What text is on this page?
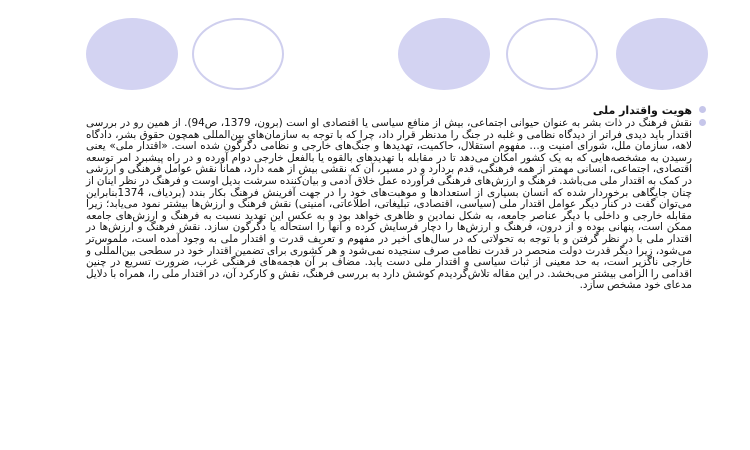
هویت واقتدار ملی

نقش فرهنگ در ذات بشر به عنوان حیوانی اجتماعی، بیش از منافع سیاسی یا اقتصادی او است (برون، 1379، ص94). از همین رو در بررسی اقتدار باید دیدی فراتر از دیدگاه نظامی و غلبه در جنگ را مدنظر قرار داد، چرا که با توجه به سازمان‌های بین‌المللی همچون حقوق بشر، دادگاه لاهه، سازمان ملل، شورای امنیت و… مفهوم استقلال، حاکمیت، تهدیدها و جنگ‌های خارجی و نظامی دگرگون شده است. «اقتدار ملی» یعنی رسیدن به مشخصه‌هایی که به یک کشور امکان می‌دهد تا در مقابله با تهدیدهای بالقوه یا بالفعل خارجی دوام آورده و در راه پیشبرد امر توسعه اقتصادی، اجتماعی، انسانی مهمتر از همه فرهنگی، قدم بردارد و در مسیر، آن که نقشی بیش از همه دارد، همانا نقش عوامل فرهنگی و ارزشی در کمک به اقتدار ملی می‌باشد. فرهنگ و ارزش‌های فرهنگی فرآورده عمل خلاق آدمی و بیان‌کننده سرشت بدیل اوست و فرهنگ در نظر اینان از چنان جایگاهی برخوردار شده که انسان بسیاری از استعدادها و موهبت‌های خود را در جهت آفرینش فرهنگ بکار بندد (بردیاف، 1374بنابراین می‌توان گفت در کنار دیگر عوامل اقتدار ملی (سیاسی، اقتصادی، تبلیغاتی، اطلاعاتی، امنیتی) نقش فرهنگ و ارزش‌ها بیشتر نمود می‌یابد؛ زیرا مقابله خارجی و داخلی با دیگر عناصر جامعه، به شکل نمادین و ظاهری خواهد بود و به عکس این تهدید نسبت به فرهنگ و ارزش‌های جامعه ممکن است، پنهانی بوده و از درون، فرهنگ و ارزش‌ها را دچار فرسایش کرده و آنها را استحاله یا دگرگون سازد. نقش فرهنگ و ارزش‌ها در اقتدار ملی با در نظر گرفتن و با توجه به تحولاتی که در سال‌های اخیر در مفهوم و تعریف قدرت و اقتدار ملی به وجود آمده است، ملموس‌تر می‌شود، زیرا دیگر قدرت دولت منحصر در قدرت نظامی صرف سنجیده نمی‌شود و هر کشوری برای تضمین اقتدار خود در سطحی بین‌المللی و خارجی ناگزیر است، به حد معینی از ثبات سیاسی و اقتدار ملی دست یابد. مضاف بر آن هجمه‌های فرهنگی غرب، ضرورت تسریع در چنین اقدامی را الزامی بیشتر می‌بخشد. در این مقاله تلاش‌گردیدم کوشش دارد به بررسی فرهنگ، نقش و کارکرد آن، در اقتدار ملی را، همراه با دلایل مدعای خود مشخص سازد.
